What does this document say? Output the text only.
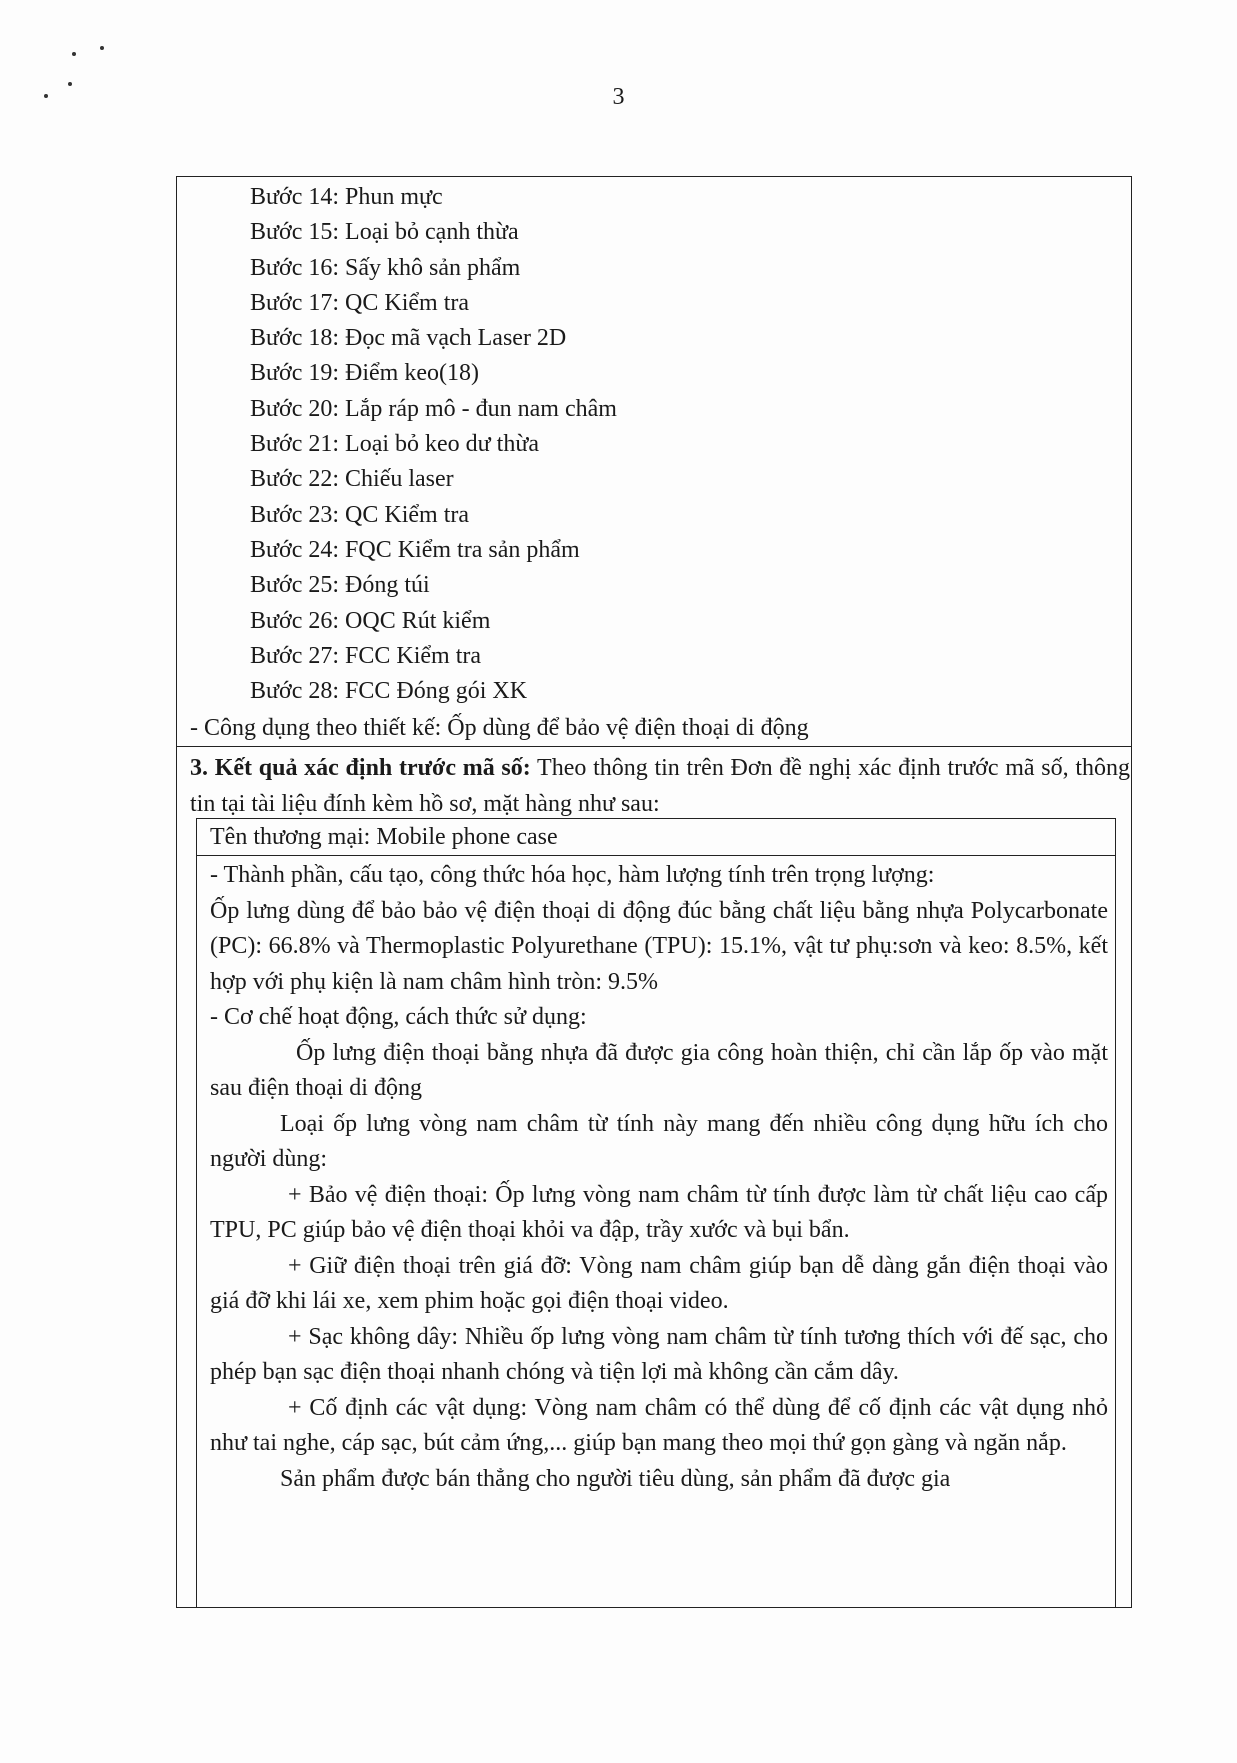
3
Bước 14: Phun mực
Bước 15: Loại bỏ cạnh thừa
Bước 16: Sấy khô sản phẩm
Bước 17: QC Kiểm tra
Bước 18: Đọc mã vạch Laser 2D
Bước 19: Điểm keo(18)
Bước 20: Lắp ráp mô - đun nam châm
Bước 21: Loại bỏ keo dư thừa
Bước 22: Chiếu laser
Bước 23: QC Kiểm tra
Bước 24: FQC Kiểm tra sản phẩm
Bước 25: Đóng túi
Bước 26: OQC Rút kiểm
Bước 27: FCC Kiểm tra
Bước 28: FCC Đóng gói XK
- Công dụng theo thiết kế: Ốp dùng để bảo vệ điện thoại di động
3. Kết quả xác định trước mã số: Theo thông tin trên Đơn đề nghị xác định trước mã số, thông tin tại tài liệu đính kèm hồ sơ, mặt hàng như sau:
Tên thương mại: Mobile phone case

- Thành phần, cấu tạo, công thức hóa học, hàm lượng tính trên trọng lượng:

Ốp lưng dùng để bảo bảo vệ điện thoại di động đúc bằng chất liệu bằng nhựa Polycarbonate (PC): 66.8% và Thermoplastic Polyurethane (TPU): 15.1%, vật tư phụ:sơn và keo: 8.5%, kết hợp với phụ kiện là nam châm hình tròn: 9.5%

- Cơ chế hoạt động, cách thức sử dụng:

Ốp lưng điện thoại bằng nhựa đã được gia công hoàn thiện, chỉ cần lắp ốp vào mặt sau điện thoại di động

Loại ốp lưng vòng nam châm từ tính này mang đến nhiều công dụng hữu ích cho người dùng:

+ Bảo vệ điện thoại: Ốp lưng vòng nam châm từ tính được làm từ chất liệu cao cấp TPU, PC giúp bảo vệ điện thoại khỏi va đập, trầy xước và bụi bẩn.

+ Giữ điện thoại trên giá đỡ: Vòng nam châm giúp bạn dễ dàng gắn điện thoại vào giá đỡ khi lái xe, xem phim hoặc gọi điện thoại video.

+ Sạc không dây: Nhiều ốp lưng vòng nam châm từ tính tương thích với đế sạc, cho phép bạn sạc điện thoại nhanh chóng và tiện lợi mà không cần cắm dây.

+ Cố định các vật dụng: Vòng nam châm có thể dùng để cố định các vật dụng nhỏ như tai nghe, cáp sạc, bút cảm ứng,... giúp bạn mang theo mọi thứ gọn gàng và ngăn nắp.

Sản phẩm được bán thẳng cho người tiêu dùng, sản phẩm đã được gia
